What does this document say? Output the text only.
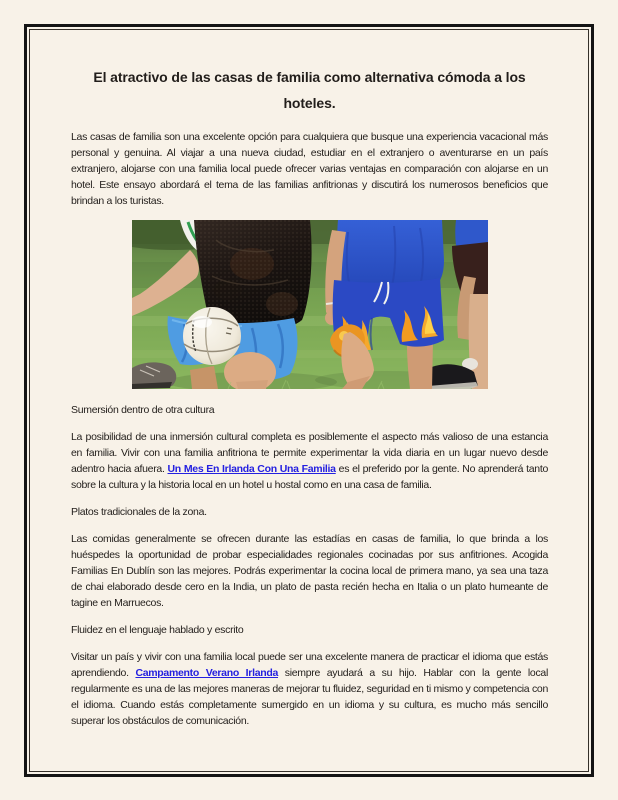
El atractivo de las casas de familia como alternativa cómoda a los hoteles.

Las casas de familia son una excelente opción para cualquiera que busque una experiencia vacacional más personal y genuina. Al viajar a una nueva ciudad, estudiar en el extranjero o aventurarse en un país extranjero, alojarse con una familia local puede ofrecer varias ventajas en comparación con alojarse en un hotel. Este ensayo abordará el tema de las familias anfitrionas y discutirá los numerosos beneficios que brindan a los turistas.

Sumersión dentro de otra cultura

La posibilidad de una inmersión cultural completa es posiblemente el aspecto más valioso de una estancia en familia. Vivir con una familia anfitriona te permite experimentar la vida diaria en un lugar nuevo desde adentro hacia afuera. Un Mes En Irlanda Con Una Familia es el preferido por la gente. No aprenderá tanto sobre la cultura y la historia local en un hotel u hostal como en una casa de familia.

Platos tradicionales de la zona.

Las comidas generalmente se ofrecen durante las estadías en casas de familia, lo que brinda a los huéspedes la oportunidad de probar especialidades regionales cocinadas por sus anfitriones. Acogida Familias En Dublín son las mejores. Podrás experimentar la cocina local de primera mano, ya sea una taza de chai elaborado desde cero en la India, un plato de pasta recién hecha en Italia o un plato humeante de tagine en Marruecos.

Fluidez en el lenguaje hablado y escrito

Visitar un país y vivir con una familia local puede ser una excelente manera de practicar el idioma que estás aprendiendo. Campamento Verano Irlanda siempre ayudará a su hijo. Hablar con la gente local regularmente es una de las mejores maneras de mejorar tu fluidez, seguridad en ti mismo y competencia con el idioma. Cuando estás completamente sumergido en un idioma y su cultura, es mucho más sencillo superar los obstáculos de comunicación.
